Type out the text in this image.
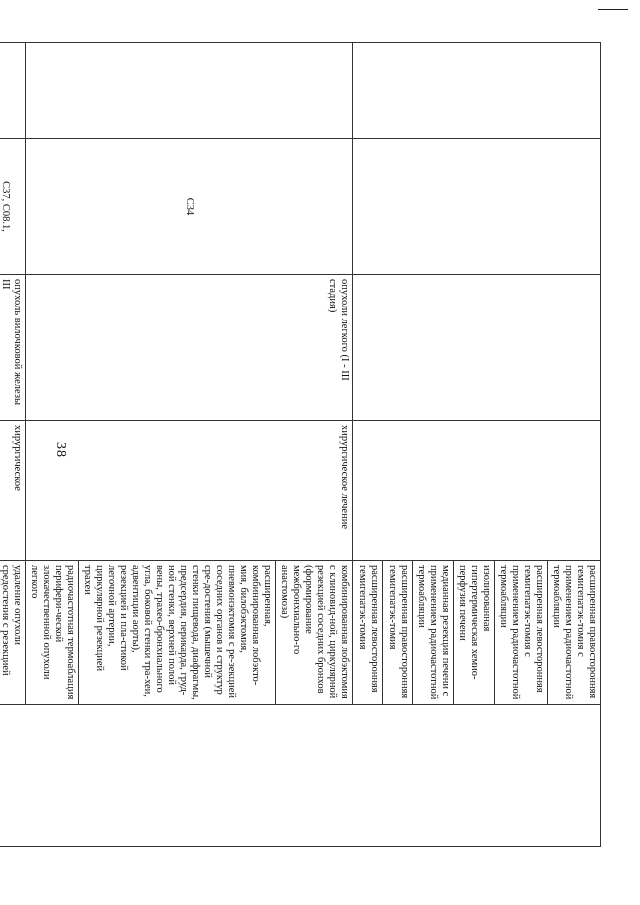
38
				расширенная правосторонняя гемигепатэк-томия с применением радиочастотной термоабляции	
				расширенная левосторонняя гемигепатэк-томия с применением радиочастотной термоабляции	
				изолированная гипертермическая хемио-перфузия печени	
				медианная резекция печени с применением радиочастотной термоабляции	
				расширенная правосторонняя гемигепатэк-томия	
				расширенная левосторонняя гемигепатэк-томия	
	C34	опухоли легкого (I - III стадия)	хирургическое лечение	комбинированная лобэктомия с клиновид-ной, циркулярной резекцией соседних бронхов (формирование межбронхиально-го анастомоза)	
				расширенная, комбинированная лобэкто-мия, билобэктомия, пневмонэктомия с ре-зекцией соседних органов и структур сре-достения (мышечной стенки пищевода, диафрагмы, предсердия, перикарда, груд-ной стенки, верхней полой вены, трахео-бронхиального угла, боковой стенки тра-хеи, адвентиции аорты), резекцией и пла-стикой легочной артерии, циркулярной резекцией трахеи	
				радиочастотная термоаблация перифери-ческой злокачественной опухоли легкого	
	C37, C08.1,	опухоль вилочковой железы III	хирургическое	удаление опухоли средостения с резекцией	
